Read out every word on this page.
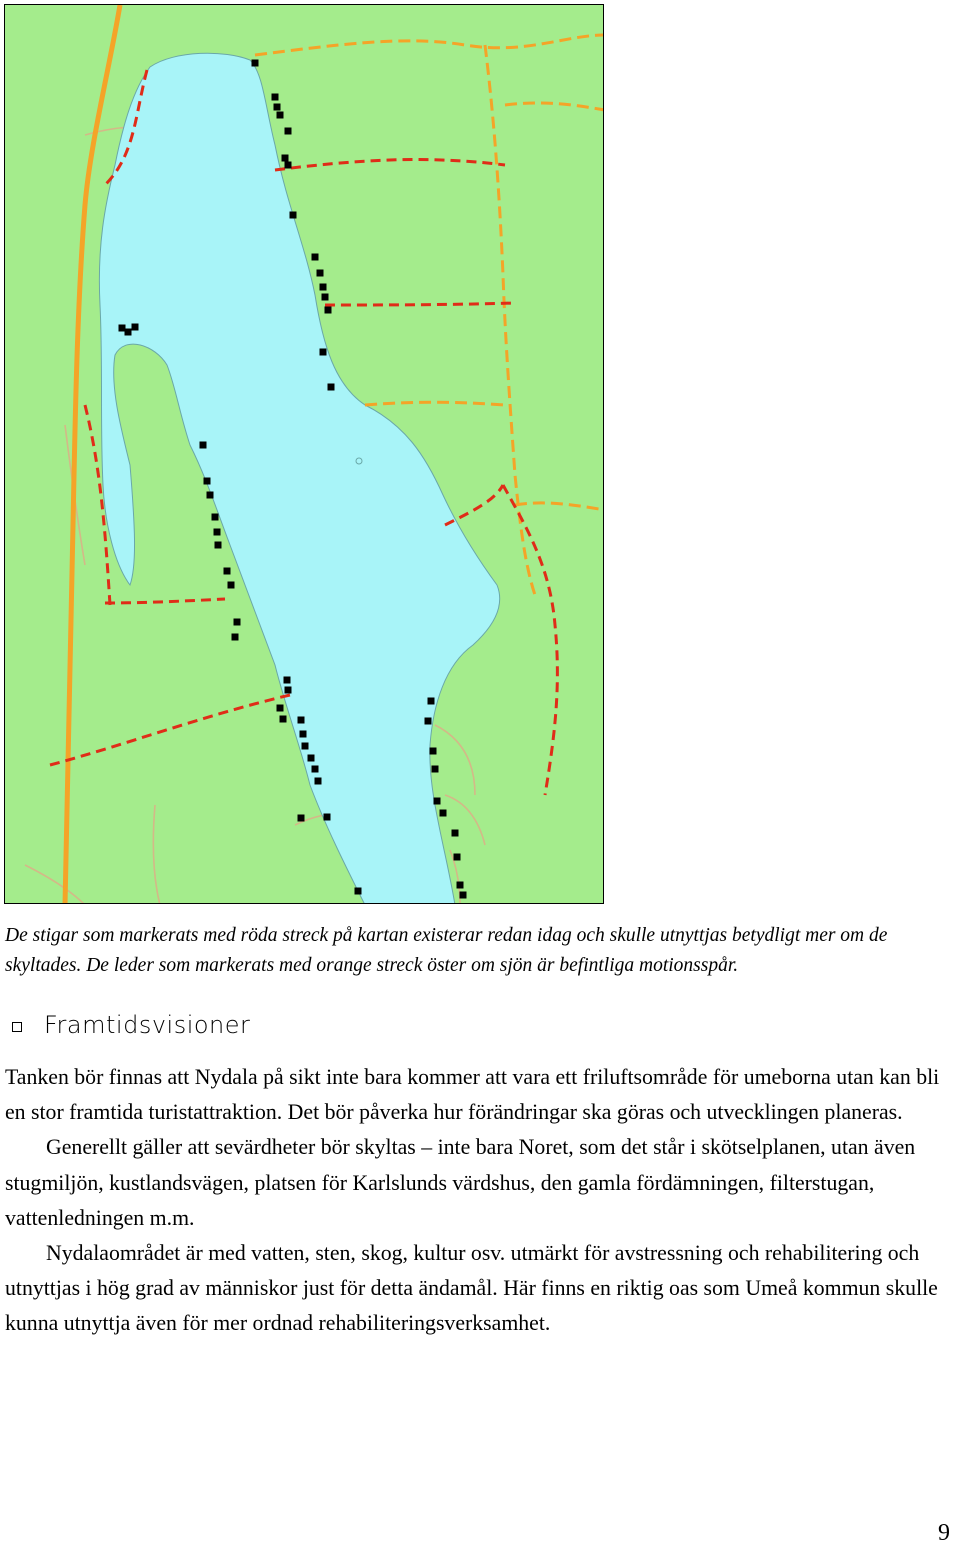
De stigar som markerats med röda streck på kartan existerar redan idag och skulle utnyttjas betydligt mer om de skyltades. De leder som markerats med orange streck öster om sjön är befintliga motionsspår.
Framtidsvisioner

Tanken bör finnas att Nydala på sikt inte bara kommer att vara ett friluftsområde för umeborna utan kan bli en stor framtida turistattraktion. Det bör påverka hur förändringar ska göras och utvecklingen planeras.

Generellt gäller att sevärdheter bör skyltas – inte bara Noret, som det står i skötselplanen, utan även stugmiljön, kustlandsvägen, platsen för Karlslunds värdshus, den gamla fördämningen, filterstugan, vattenledningen m.m.

Nydalaområdet är med vatten, sten, skog, kultur osv. utmärkt för avstressning och rehabilitering och utnyttjas i hög grad av människor just för detta ändamål. Här finns en riktig oas som Umeå kommun skulle kunna utnyttja även för mer ordnad rehabiliteringsverksamhet.

9
